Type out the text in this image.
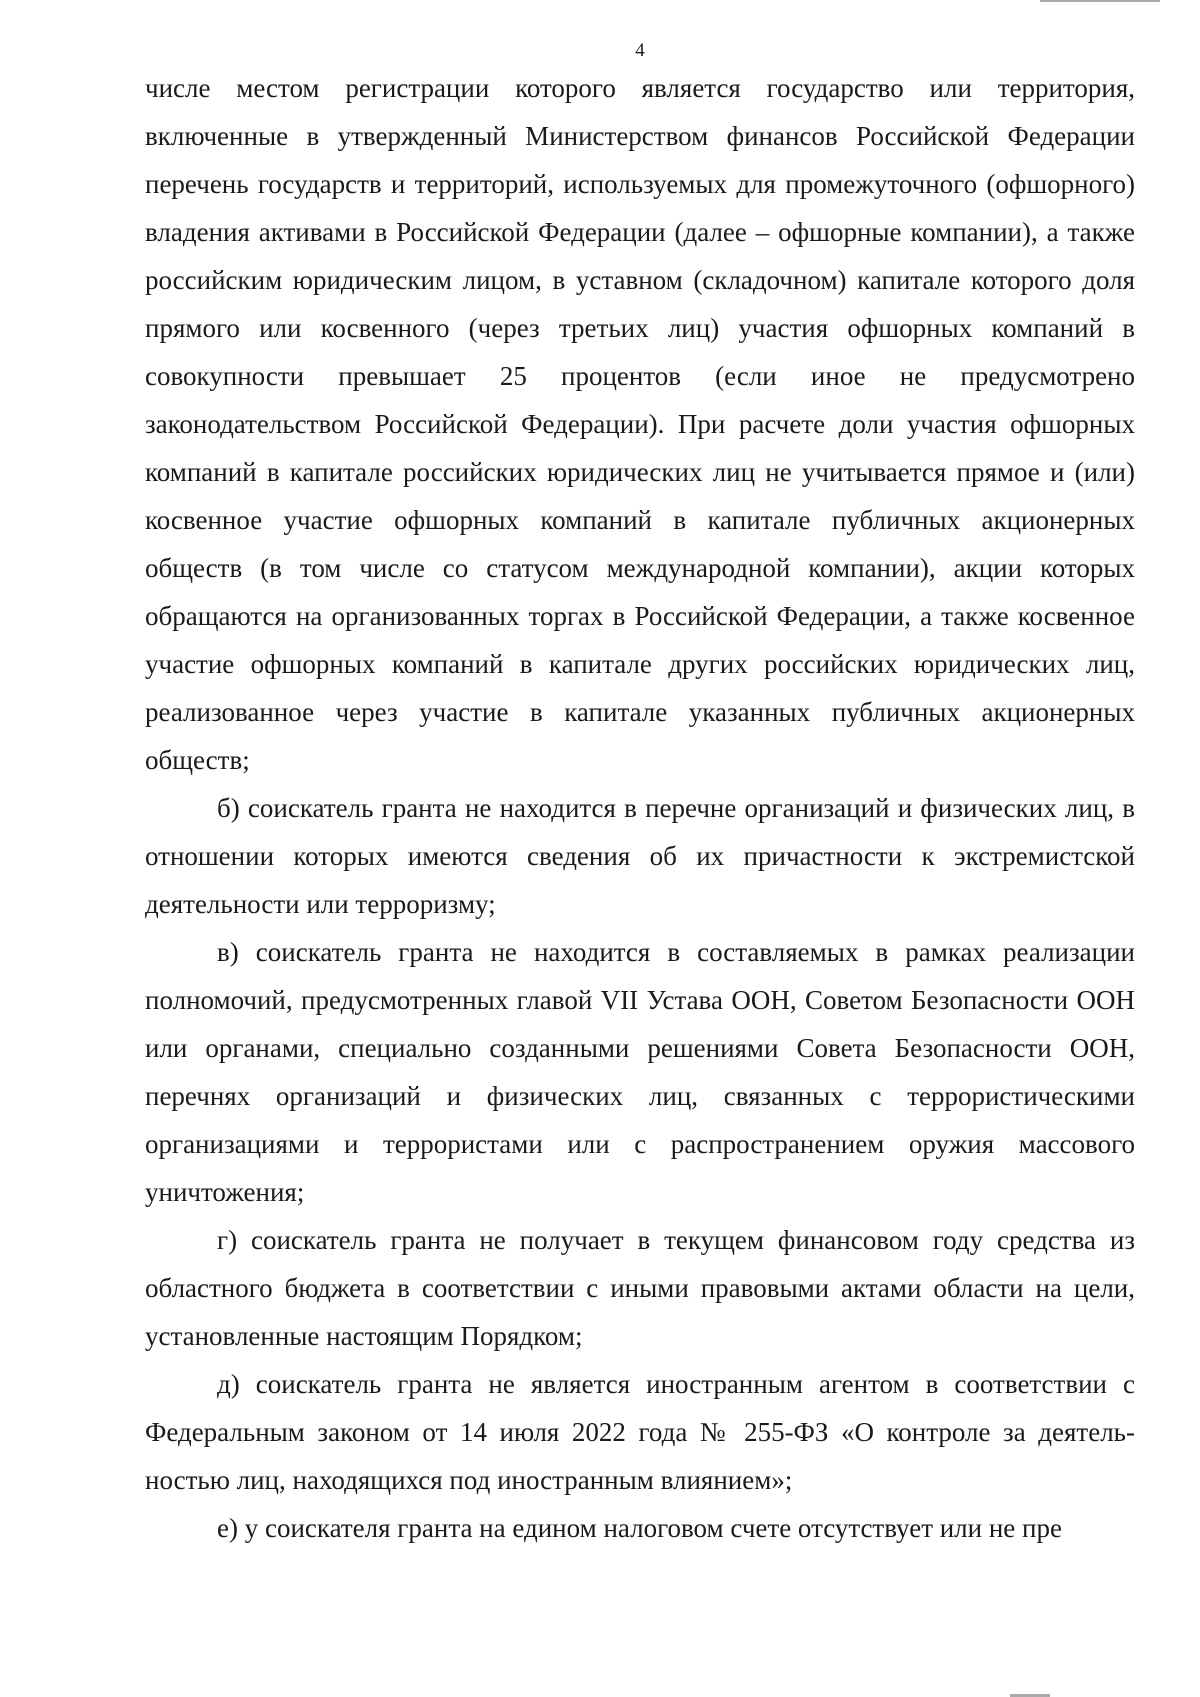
4

числе местом регистрации которого является государство или территория, включенные в утвержденный Министерством финансов Российской Федерации перечень государств и территорий, используемых для промежуточного (офшорного) владения активами в Российской Федерации (далее – офшорные компании), а также российским юридическим лицом, в уставном (складочном) капитале которого доля прямого или косвенного (через третьих лиц) участия офшорных компаний в совокупности превышает 25 процентов (если иное не предусмотрено законодательством Российской Федерации). При расчете доли участия офшорных компаний в капитале российских юридических лиц не учитывается прямое и (или) косвенное участие офшорных компаний в капитале публичных акционерных обществ (в том числе со статусом международной компании), акции которых обращаются на организованных торгах в Российской Федерации, а также косвенное участие офшорных компаний в капитале других российских юридических лиц, реализованное через участие в капитале указанных публичных акционерных обществ;

б) соискатель гранта не находится в перечне организаций и физических лиц, в отношении которых имеются сведения об их причастности к экстремистской деятельности или терроризму;

в) соискатель гранта не находится в составляемых в рамках реализации полномочий, предусмотренных главой VII Устава ООН, Советом Безопасности ООН или органами, специально созданными решениями Совета Безопасности ООН, перечнях организаций и физических лиц, связанных с террористическими организациями и террористами или с распространением оружия массового уничтожения;

г) соискатель гранта не получает в текущем финансовом году средства из областного бюджета в соответствии с иными правовыми актами области на цели, установленные настоящим Порядком;

д) соискатель гранта не является иностранным агентом в соответствии с Федеральным законом от 14 июля 2022 года № 255-ФЗ «О контроле за деятельностью лиц, находящихся под иностранным влиянием»;

е) у соискателя гранта на едином налоговом счете отсутствует или не пре
